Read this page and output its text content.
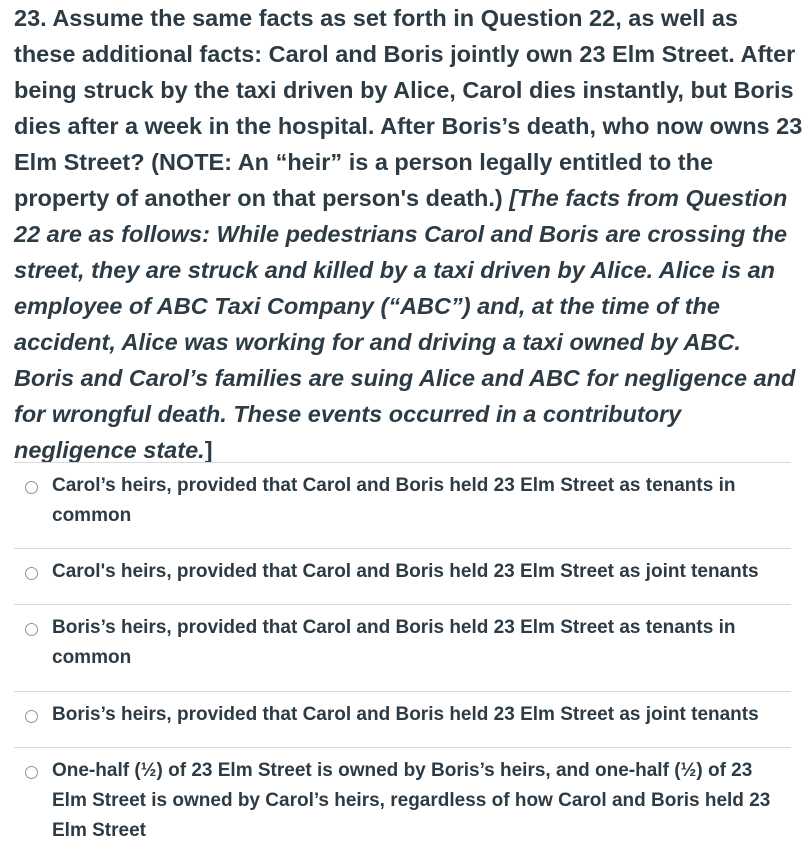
23. Assume the same facts as set forth in Question 22, as well as these additional facts: Carol and Boris jointly own 23 Elm Street. After being struck by the taxi driven by Alice, Carol dies instantly, but Boris dies after a week in the hospital. After Boris’s death, who now owns 23 Elm Street? (NOTE: An “heir” is a person legally entitled to the property of another on that person's death.) [The facts from Question 22 are as follows: While pedestrians Carol and Boris are crossing the street, they are struck and killed by a taxi driven by Alice. Alice is an employee of ABC Taxi Company (“ABC”) and, at the time of the accident, Alice was working for and driving a taxi owned by ABC. Boris and Carol’s families are suing Alice and ABC for negligence and for wrongful death. These events occurred in a contributory negligence state.]
Carol’s heirs, provided that Carol and Boris held 23 Elm Street as tenants in common
Carol's heirs, provided that Carol and Boris held 23 Elm Street as joint tenants
Boris’s heirs, provided that Carol and Boris held 23 Elm Street as tenants in common
Boris’s heirs, provided that Carol and Boris held 23 Elm Street as joint tenants
One-half (½) of 23 Elm Street is owned by Boris’s heirs, and one-half (½) of 23 Elm Street is owned by Carol’s heirs, regardless of how Carol and Boris held 23 Elm Street
